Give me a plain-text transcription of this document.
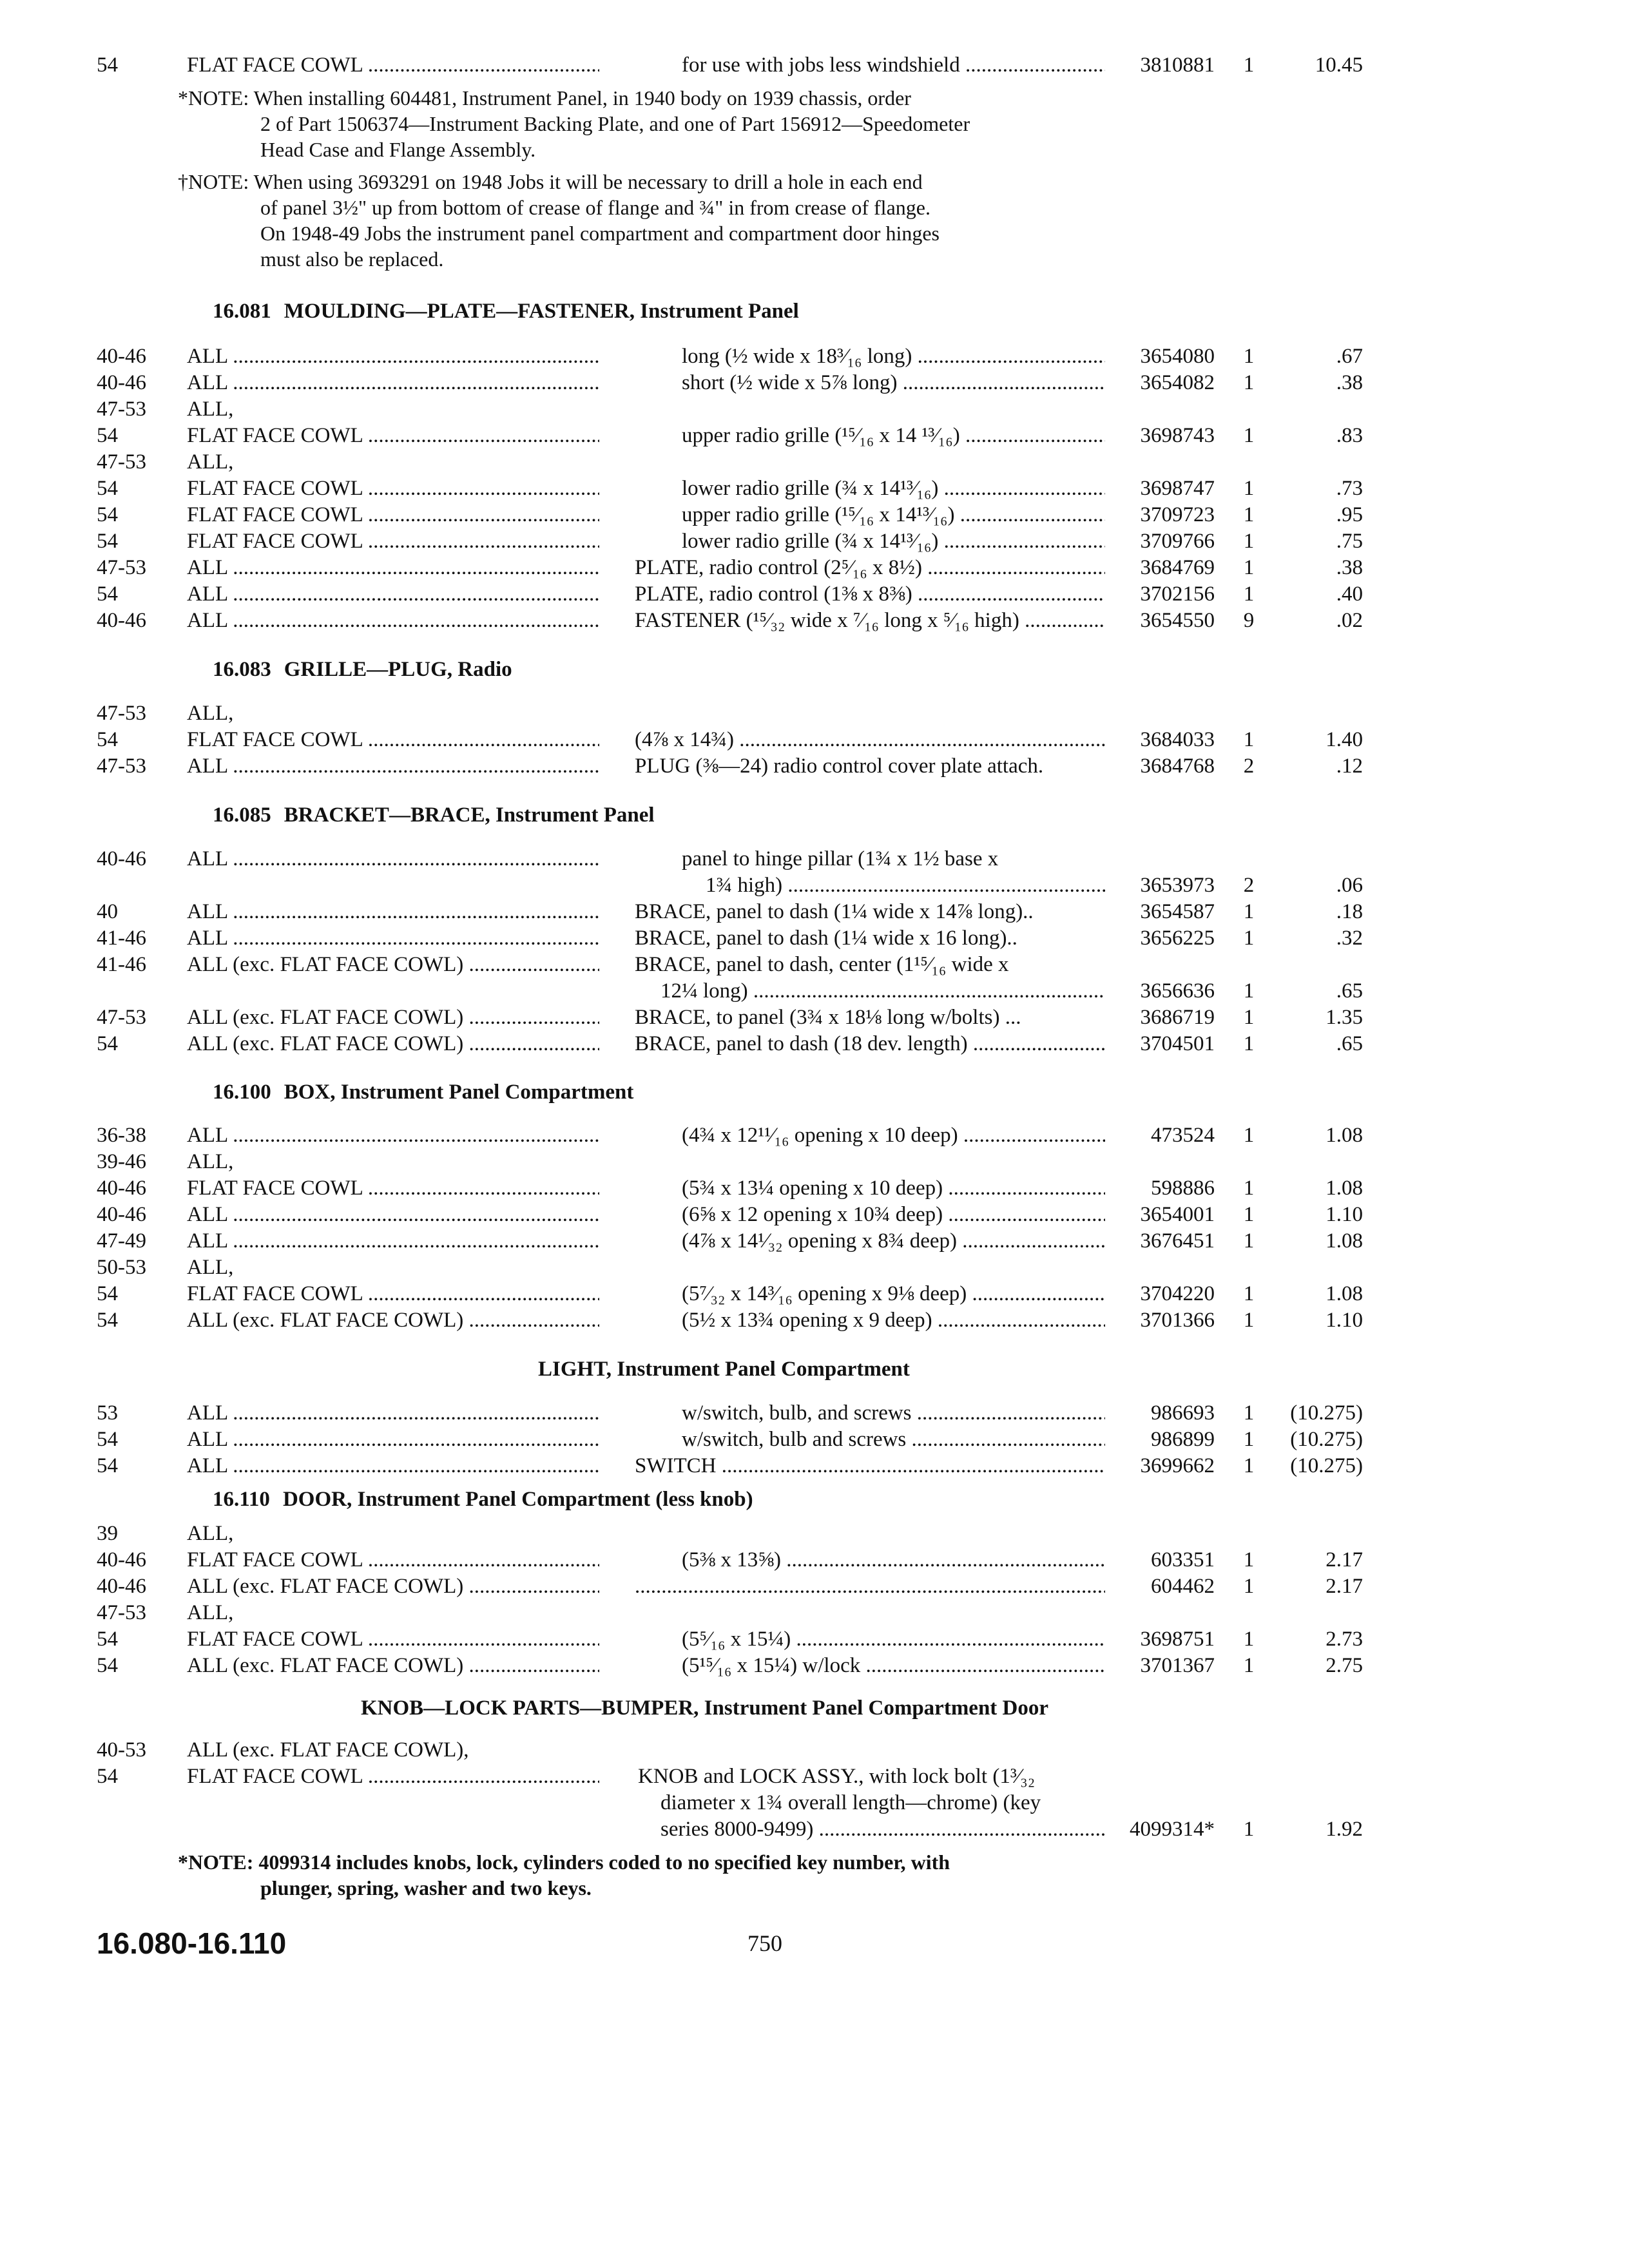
54	FLAT FACE COWL .....	for use with jobs less windshield .....	3810881	1	10.45
*NOTE: When installing 604481, Instrument Panel, in 1940 body on 1939 chassis, order
2 of Part 1506374—Instrument Backing Plate, and one of Part 156912—Speedometer
Head Case and Flange Assembly.
†NOTE: When using 3693291 on 1948 Jobs it will be necessary to drill a hole in each end
of panel 3½" up from bottom of crease of flange and ¾" in from crease of flange.
On 1948-49 Jobs the instrument panel compartment and compartment door hinges
must also be replaced.
16.081 MOULDING—PLATE—FASTENER, Instrument Panel
40-46 ALL .....	long (½ wide x 18³⁄₁₆ long) .....	3654080	1	.67
40-46 ALL .....	short (½ wide x 5⅞ long) .....	3654082	1	.38
47-53 ALL,
54	FLAT FACE COWL .....	upper radio grille (¹⁵⁄₁₆ x 14 ¹³⁄₁₆) .....	3698743	1	.83
47-53 ALL,
54	FLAT FACE COWL .....	lower radio grille (¾ x 14¹³⁄₁₆) .....	3698747	1	.73
54	FLAT FACE COWL .....	upper radio grille (¹⁵⁄₁₆ x 14¹³⁄₁₆) .....	3709723	1	.95
54	FLAT FACE COWL .....	lower radio grille (¾ x 14¹³⁄₁₆) .....	3709766	1	.75
47-53 ALL .....	PLATE, radio control (2⁵⁄₁₆ x 8½) .....	3684769	1	.38
54	ALL .....	PLATE, radio control (1⅜ x 8⅜) .....	3702156	1	.40
40-46 ALL .....	FASTENER (¹⁵⁄₃₂ wide x ⁷⁄₁₆ long x ⁵⁄₁₆ high) .....	3654550	9	.02
16.083 GRILLE—PLUG, Radio
47-53 ALL,
54	FLAT FACE COWL .....	(4⅞ x 14¾) .....	3684033	1	1.40
47-53 ALL .....	PLUG (⅜—24) radio control cover plate attach.	3684768	2	.12
16.085 BRACKET—BRACE, Instrument Panel
40-46 ALL .....	panel to hinge pillar (1¾ x 1½ base x
1¾ high) .....	3653973	2	.06
40	ALL .....	BRACE, panel to dash (1¼ wide x 14⅞ long)..	3654587	1	.18
41-46 ALL .....	BRACE, panel to dash (1¼ wide x 16 long)..	3656225	1	.32
41-46 ALL (exc. FLAT FACE COWL) .....	BRACE, panel to dash, center (1¹⁵⁄₁₆ wide x
12¼ long) .....	3656636	1	.65
47-53 ALL (exc. FLAT FACE COWL) .....	BRACE, to panel (3¾ x 18⅛ long w/bolts) ...	3686719	1	1.35
54	ALL (exc. FLAT FACE COWL) .....	BRACE, panel to dash (18 dev. length) .....	3704501	1	.65
16.100 BOX, Instrument Panel Compartment
36-38 ALL .....	(4¾ x 12¹¹⁄₁₆ opening x 10 deep) .....	473524	1	1.08
39-46 ALL,
40-46 FLAT FACE COWL .....	(5¾ x 13¼ opening x 10 deep) .....	598886	1	1.08
40-46 ALL .....	(6⅝ x 12 opening x 10¾ deep) .....	3654001	1	1.10
47-49 ALL .....	(4⅞ x 14¹⁄₃₂ opening x 8¾ deep) .....	3676451	1	1.08
50-53 ALL,
54	FLAT FACE COWL .....	(5⁷⁄₃₂ x 14³⁄₁₆ opening x 9⅛ deep) .....	3704220	1	1.08
54	ALL (exc. FLAT FACE COWL) .....	(5½ x 13¾ opening x 9 deep) .....	3701366	1	1.10
LIGHT, Instrument Panel Compartment
53	ALL .....	w/switch, bulb, and screws .....	986693	1	(10.275)
54	ALL .....	w/switch, bulb and screws .....	986899	1	(10.275)
54	ALL .....	SWITCH .....	3699662	1	(10.275)
16.110 DOOR, Instrument Panel Compartment (less knob)
39	ALL,
40-46 FLAT FACE COWL .....	(5⅜ x 13⅝) .....	603351	1	2.17
40-46 ALL (exc. FLAT FACE COWL) .....
.....	604462	1	2.17
47-53 ALL,
54	FLAT FACE COWL .....	(5⁵⁄₁₆ x 15¼) .....	3698751	1	2.73
54	ALL (exc. FLAT FACE COWL) .....	(5¹⁵⁄₁₆ x 15¼) w/lock .....	3701367	1	2.75
KNOB—LOCK PARTS—BUMPER, Instrument Panel Compartment Door
40-53 ALL (exc. FLAT FACE COWL),
54	FLAT FACE COWL .....	KNOB and LOCK ASSY., with lock bolt (1³⁄₃₂
diameter x 1¾ overall length—chrome) (key
series 8000-9499) .....	4099314*	1	1.92
*NOTE: 4099314 includes knobs, lock, cylinders coded to no specified key number, with
plunger, spring, washer and two keys.
16.080-16.110	750
